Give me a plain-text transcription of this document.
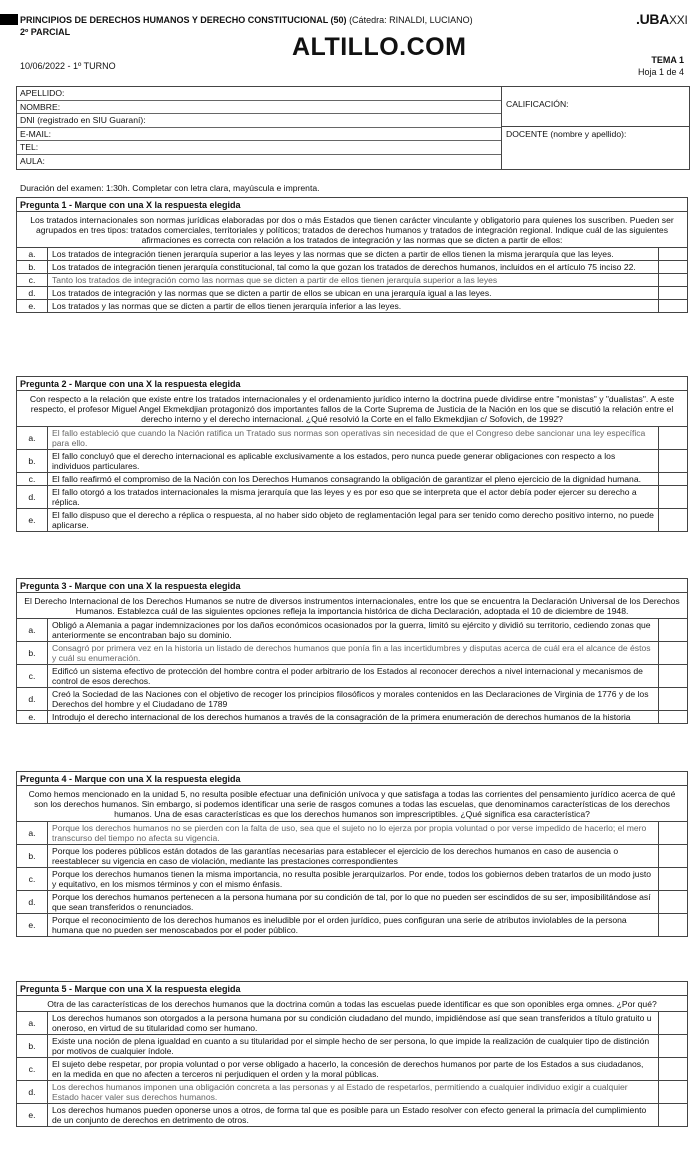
PRINCIPIOS DE DERECHOS HUMANOS Y DERECHO CONSTITUCIONAL (50) (Cátedra: RINALDI, LUCIANO)
2º PARCIAL
.UBAXXI
ALTILLO.COM
10/06/2022 - 1º TURNO
TEMA 1
Hoja 1 de 4
APELLIDO:
NOMBRE:
DNI (registrado en SIU Guaraní):
E-MAIL:
TEL:
AULA:
CALIFICACIÓN:
DOCENTE (nombre y apellido):
Duración del examen: 1:30h. Completar con letra clara, mayúscula e imprenta.
Pregunta 1 - Marque con una X la respuesta elegida
Los tratados internacionales son normas jurídicas elaboradas por dos o más Estados que tienen carácter vinculante y obligatorio para quienes los suscriben. Pueden ser agrupados en tres tipos: tratados comerciales, territoriales y políticos; tratados de derechos humanos y tratados de integración regional. Indique cuál de las siguientes afirmaciones es correcta con relación a los tratados de integración y las normas que se dicten a partir de ellos:
a.	Los tratados de integración tienen jerarquía superior a las leyes y las normas que se dicten a partir de ellos tienen la misma jerarquía que las leyes.
b.	Los tratados de integración tienen jerarquía constitucional, tal como la que gozan los tratados de derechos humanos, incluidos en el artículo 75 inciso 22.
c.	Tanto los tratados de integración como las normas que se dicten a partir de ellos tienen jerarquía superior a las leyes
d.	Los tratados de integración y las normas que se dicten a partir de ellos se ubican en una jerarquía igual a las leyes.
e.	Los tratados y las normas que se dicten a partir de ellos tienen jerarquía inferior a las leyes.
Pregunta 2 - Marque con una X la respuesta elegida
Con respecto a la relación que existe entre los tratados internacionales y el ordenamiento jurídico interno la doctrina puede dividirse entre "monistas" y "dualistas". A este respecto, el profesor Miguel Angel Ekmekdjian protagonizó dos importantes fallos de la Corte Suprema de Justicia de la Nación en los que se discutió la relación entre el derecho interno y el derecho internacional. ¿Qué resolvió la Corte en el fallo Ekmekdjian c/ Sofovich, de 1992?
a.	El fallo estableció que cuando la Nación ratifica un Tratado sus normas son operativas sin necesidad de que el Congreso debe sancionar una ley específica para ello.
b.	El fallo concluyó que el derecho internacional es aplicable exclusivamente a los estados, pero nunca puede generar obligaciones con respecto a los individuos particulares.
c.	El fallo reafirmó el compromiso de la Nación con los Derechos Humanos consagrando la obligación de garantizar el pleno ejercicio de la dignidad humana.
d.	El fallo otorgó a los tratados internacionales la misma jerarquía que las leyes y es por eso que se interpreta que el actor debía poder ejercer su derecho a réplica.
e.	El fallo dispuso que el derecho a réplica o respuesta, al no haber sido objeto de reglamentación legal para ser tenido como derecho positivo interno, no puede aplicarse.
Pregunta 3 - Marque con una X la respuesta elegida
El Derecho Internacional de los Derechos Humanos se nutre de diversos instrumentos internacionales, entre los que se encuentra la Declaración Universal de los Derechos Humanos. Establezca cuál de las siguientes opciones refleja la importancia histórica de dicha Declaración, adoptada el 10 de diciembre de 1948.
a.	Obligó a Alemania a pagar indemnizaciones por los daños económicos ocasionados por la guerra, limitó su ejército y dividió su territorio, cediendo zonas que anteriormente se encontraban bajo su dominio.
b.	Consagró por primera vez en la historia un listado de derechos humanos que ponía fin a las incertidumbres y disputas acerca de cuál era el alcance de éstos y cuál su enumeración.
c.	Edificó un sistema efectivo de protección del hombre contra el poder arbitrario de los Estados al reconocer derechos a nivel internacional y mecanismos de control de esos derechos.
d.	Creó la Sociedad de las Naciones con el objetivo de recoger los principios filosóficos y morales contenidos en las Declaraciones de Virginia de 1776 y de los Derechos del hombre y el Ciudadano de 1789
e.	Introdujo el derecho internacional de los derechos humanos a través de la consagración de la primera enumeración de derechos humanos de la historia
Pregunta 4 - Marque con una X la respuesta elegida
Como hemos mencionado en la unidad 5, no resulta posible efectuar una definición unívoca y que satisfaga a todas las corrientes del pensamiento jurídico acerca de qué son los derechos humanos. Sin embargo, si podemos identificar una serie de rasgos comunes a todas las escuelas, que denominamos características de los derechos humanos. Una de esas características es que los derechos humanos son imprescriptibles. ¿Qué significa esa característica?
a.	Porque los derechos humanos no se pierden con la falta de uso, sea que el sujeto no lo ejerza por propia voluntad o por verse impedido de hacerlo; el mero transcurso del tiempo no afecta su vigencia.
b.	Porque los poderes públicos están dotados de las garantías necesarias para establecer el ejercicio de los derechos humanos en caso de ausencia o reestablecer su vigencia en caso de violación, mediante las prestaciones correspondientes
c.	Porque los derechos humanos tienen la misma importancia, no resulta posible jerarquizarlos. Por ende, todos los gobiernos deben tratarlos de un modo justo y equitativo, en los mismos términos y con el mismo énfasis.
d.	Porque los derechos humanos pertenecen a la persona humana por su condición de tal, por lo que no pueden ser escindidos de su ser, imposibilitándose así que sean transferidos o renunciados.
e.	Porque el reconocimiento de los derechos humanos es ineludible por el orden jurídico, pues configuran una serie de atributos inviolables de la persona humana que no pueden ser menoscabados por el poder público.
Pregunta 5 - Marque con una X la respuesta elegida
Otra de las características de los derechos humanos que la doctrina común a todas las escuelas puede identificar es que son oponibles erga omnes. ¿Por qué?
a.	Los derechos humanos son otorgados a la persona humana por su condición ciudadano del mundo, impidiéndose así que sean transferidos a título gratuito u oneroso, en virtud de su titularidad como ser humano.
b.	Existe una noción de plena igualdad en cuanto a su titularidad por el simple hecho de ser persona, lo que impide la realización de cualquier tipo de distinción por motivos de cualquier índole.
c.	El sujeto debe respetar, por propia voluntad o por verse obligado a hacerlo, la concesión de derechos humanos por parte de los Estados a sus ciudadanos, en la medida en que no afecten a terceros ni perjudiquen el orden y la moral públicas.
d.	Los derechos humanos imponen una obligación concreta a las personas y al Estado de respetarlos, permitiendo a cualquier individuo exigir a cualquier Estado hacer valer sus derechos humanos.
e.	Los derechos humanos pueden oponerse unos a otros, de forma tal que es posible para un Estado resolver con efecto general la primacía del cumplimiento de un conjunto de derechos en detrimento de otros.
